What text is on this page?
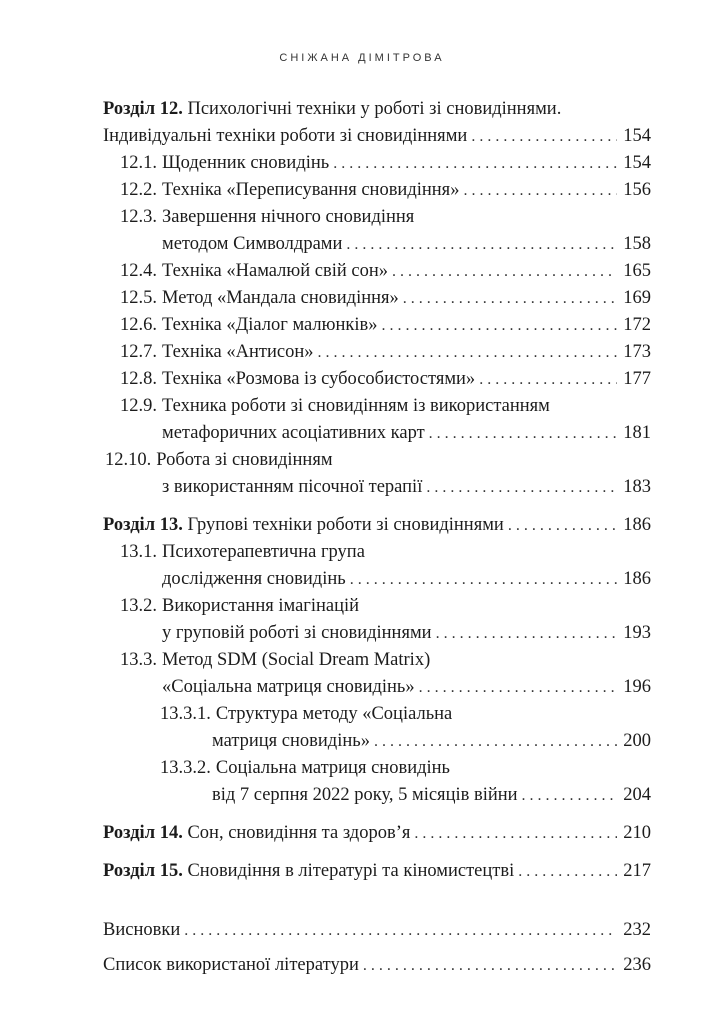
СНІЖАНА ДІМІТРОВА
Розділ 12. Психологічні техніки у роботі зі сновидіннями.
Індивідуальні техніки роботи зі сновидіннями . . .	154
12.1. Щоденник сновидінь . . .	154
12.2. Техніка «Переписування сновидіння» . . .	156
12.3. Завершення нічного сновидіння
методом Символдрами . . .	158
12.4. Техніка «Намалюй свій сон» . . .	165
12.5. Метод «Мандала сновидіння» . . .	169
12.6. Техніка «Діалог малюнків» . . .	172
12.7. Техніка «Антисон» . . .	173
12.8. Техніка «Розмова із субособистостями» . . .	177
12.9. Техника роботи зі сновидінням із використанням
метафоричних асоціативних карт . . .	181
12.10. Робота зі сновидінням
з використанням пісочної терапії . . .	183
Розділ 13. Групові техніки роботи зі сновидіннями . . .	186
13.1. Психотерапевтична група
дослідження сновидінь . . .	186
13.2. Використання імагінацій
у груповій роботі зі сновидіннями . . .	193
13.3. Метод SDM (Social Dream Matrix)
«Соціальна матриця сновидінь» . . .	196
13.3.1. Структура методу «Соціальна
матриця сновидінь» . . .	200
13.3.2. Соціальна матриця сновидінь
від 7 серпня 2022 року, 5 місяців війни . . .	204
Розділ 14. Сон, сновидіння та здоров’я . . .	210
Розділ 15. Сновидіння в літературі та кіномистецтві . . .	217
Висновки . . .	232
Список використаної літератури . . .	236
